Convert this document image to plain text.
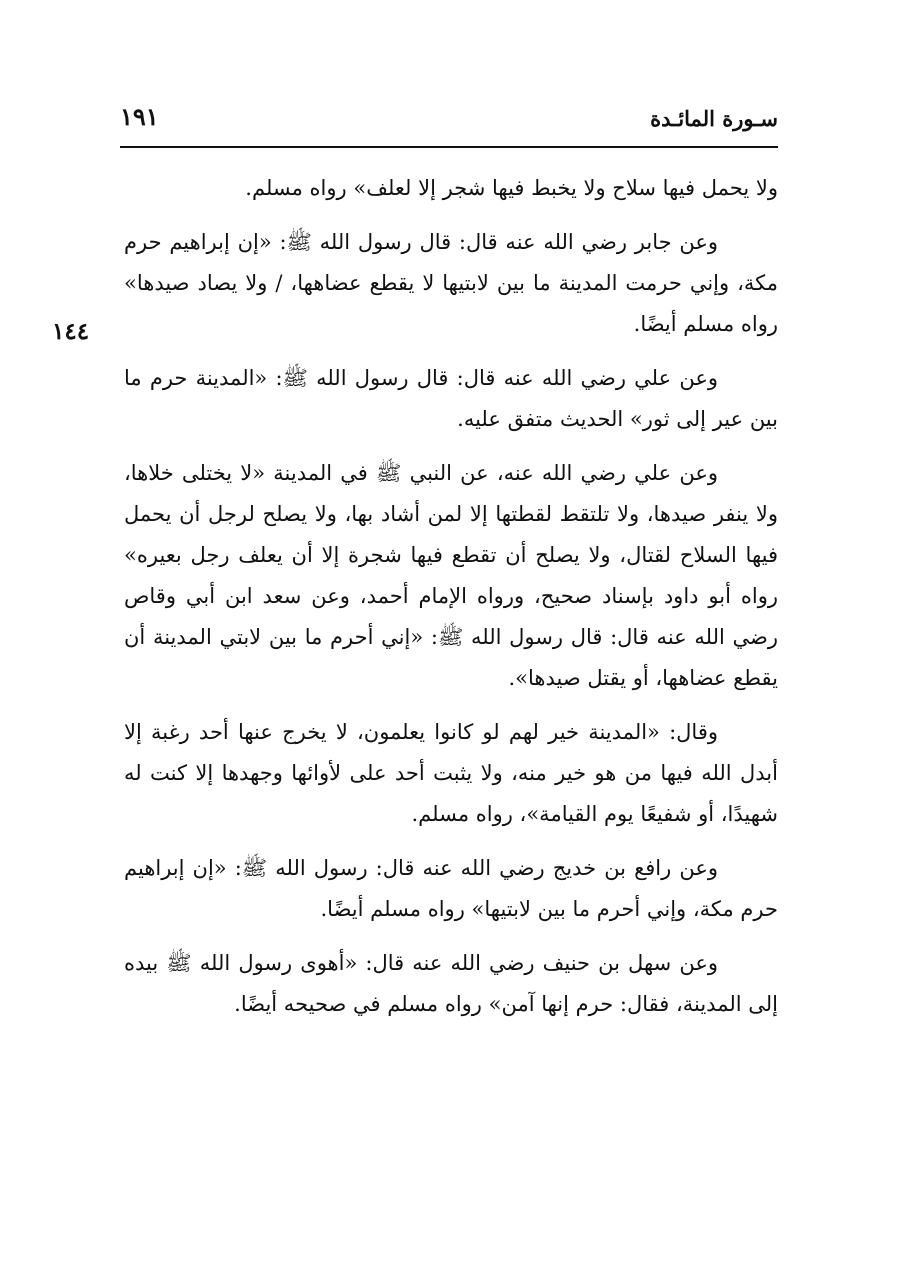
سـورة المائـدة
١٩١
١٤٤

ولا يحمل فيها سلاح ولا يخبط فيها شجر إلا لعلف» رواه مسلم.

وعن جابر رضي الله عنه قال: قال رسول الله ﷺ: «إن إبراهيم حرم مكة، وإني حرمت المدينة ما بين لابتيها لا يقطع عضاهها، / ولا يصاد صيدها» رواه مسلم أيضًا.

وعن علي رضي الله عنه قال: قال رسول الله ﷺ: «المدينة حرم ما بين عير إلى ثور» الحديث متفق عليه.

وعن علي رضي الله عنه، عن النبي ﷺ في المدينة «لا يختلى خلاها، ولا ينفر صيدها، ولا تلتقط لقطتها إلا لمن أشاد بها، ولا يصلح لرجل أن يحمل فيها السلاح لقتال، ولا يصلح أن تقطع فيها شجرة إلا أن يعلف رجل بعيره» رواه أبو داود بإسناد صحيح، ورواه الإمام أحمد، وعن سعد ابن أبي وقاص رضي الله عنه قال: قال رسول الله ﷺ: «إني أحرم ما بين لابتي المدينة أن يقطع عضاهها، أو يقتل صيدها».

وقال: «المدينة خير لهم لو كانوا يعلمون، لا يخرج عنها أحد رغبة إلا أبدل الله فيها من هو خير منه، ولا يثبت أحد على لأوائها وجهدها إلا كنت له شهيدًا، أو شفيعًا يوم القيامة»، رواه مسلم.

وعن رافع بن خديج رضي الله عنه قال: رسول الله ﷺ: «إن إبراهيم حرم مكة، وإني أحرم ما بين لابتيها» رواه مسلم أيضًا.

وعن سهل بن حنيف رضي الله عنه قال: «أهوى رسول الله ﷺ بيده إلى المدينة، فقال: حرم إنها آمن» رواه مسلم في صحيحه أيضًا.
